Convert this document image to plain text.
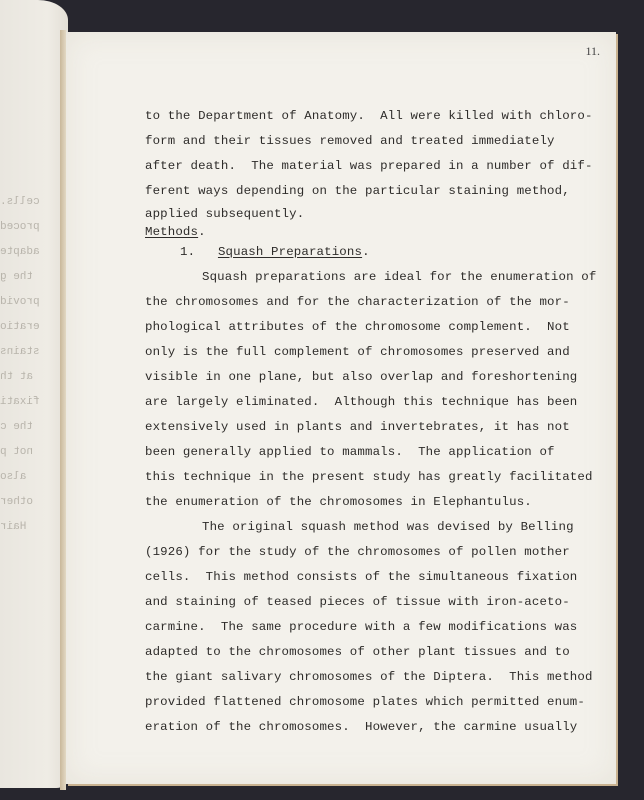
cells.
proced
adapte
the g
provid
eratio
stains
at th
fixati
the c
not p
also
other
Hair
11.
to the Department of Anatomy.  All were killed with chloro-
form and their tissues removed and treated immediately
after death.  The material was prepared in a number of dif-
ferent ways depending on the particular staining method,
applied subsequently.
Methods.
1. Squash Preparations.
Squash preparations are ideal for the enumeration of
the chromosomes and for the characterization of the mor-
phological attributes of the chromosome complement.  Not
only is the full complement of chromosomes preserved and
visible in one plane, but also overlap and foreshortening
are largely eliminated.  Although this technique has been
extensively used in plants and invertebrates, it has not
been generally applied to mammals.  The application of
this technique in the present study has greatly facilitated
the enumeration of the chromosomes in Elephantulus.
The original squash method was devised by Belling
(1926) for the study of the chromosomes of pollen mother
cells.  This method consists of the simultaneous fixation
and staining of teased pieces of tissue with iron-aceto-
carmine.  The same procedure with a few modifications was
adapted to the chromosomes of other plant tissues and to
the giant salivary chromosomes of the Diptera.  This method
provided flattened chromosome plates which permitted enum-
eration of the chromosomes.  However, the carmine usually
